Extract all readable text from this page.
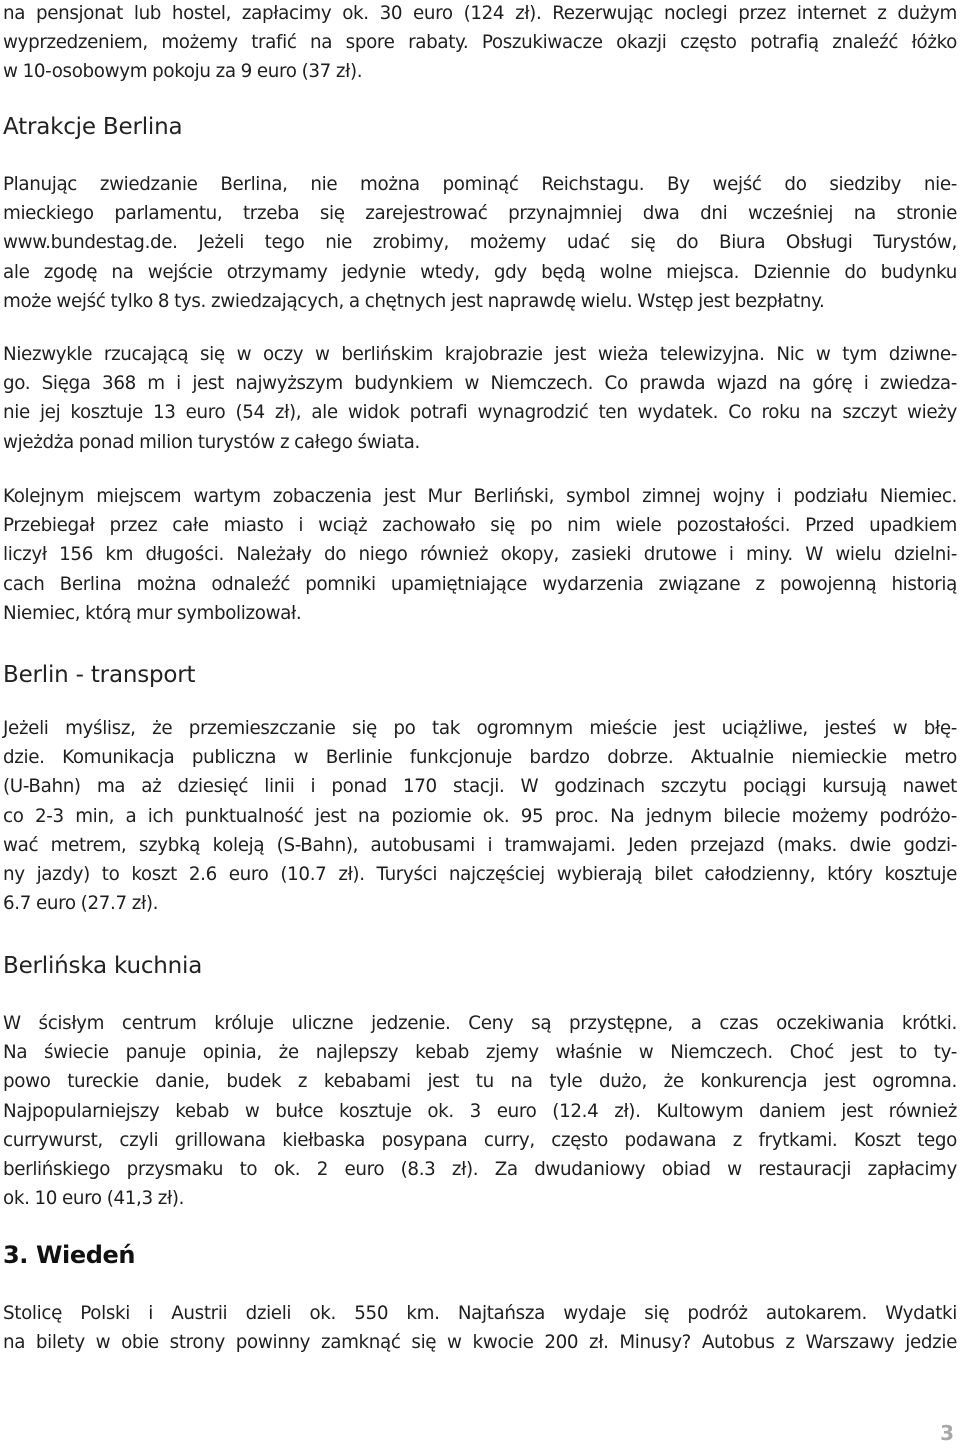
na pensjonat lub hostel, zapłacimy ok. 30 euro (124 zł). Rezerwując noclegi przez internet z dużym
wyprzedzeniem, możemy trafić na spore rabaty. Poszukiwacze okazji często potrafią znaleźć łóżko
w 10-osobowym pokoju za 9 euro (37 zł).

Atrakcje Berlina

Planując zwiedzanie Berlina, nie można pominąć Reichstagu. By wejść do siedziby nie-
mieckiego parlamentu, trzeba się zarejestrować przynajmniej dwa dni wcześniej na stronie
www.bundestag.de. Jeżeli tego nie zrobimy, możemy udać się do Biura Obsługi Turystów,
ale zgodę na wejście otrzymamy jedynie wtedy, gdy będą wolne miejsca. Dziennie do budynku
może wejść tylko 8 tys. zwiedzających, a chętnych jest naprawdę wielu. Wstęp jest bezpłatny.

Niezwykle rzucającą się w oczy w berlińskim krajobrazie jest wieża telewizyjna. Nic w tym dziwne-
go. Sięga 368 m i jest najwyższym budynkiem w Niemczech. Co prawda wjazd na górę i zwiedza-
nie jej kosztuje 13 euro (54 zł), ale widok potrafi wynagrodzić ten wydatek. Co roku na szczyt wieży
wjeżdża ponad milion turystów z całego świata.

Kolejnym miejscem wartym zobaczenia jest Mur Berliński, symbol zimnej wojny i podziału Niemiec.
Przebiegał przez całe miasto i wciąż zachowało się po nim wiele pozostałości. Przed upadkiem
liczył 156 km długości. Należały do niego również okopy, zasieki drutowe i miny. W wielu dzielni-
cach Berlina można odnaleźć pomniki upamiętniające wydarzenia związane z powojenną historią
Niemiec, którą mur symbolizował.

Berlin - transport

Jeżeli myślisz, że przemieszczanie się po tak ogromnym mieście jest uciążliwe, jesteś w błę-
dzie. Komunikacja publiczna w Berlinie funkcjonuje bardzo dobrze. Aktualnie niemieckie metro
(U-Bahn) ma aż dziesięć linii i ponad 170 stacji. W godzinach szczytu pociągi kursują nawet
co 2-3 min, a ich punktualność jest na poziomie ok. 95 proc. Na jednym bilecie możemy podróżo-
wać metrem, szybką koleją (S-Bahn), autobusami i tramwajami. Jeden przejazd (maks. dwie godzi-
ny jazdy) to koszt 2.6 euro (10.7 zł). Turyści najczęściej wybierają bilet całodzienny, który kosztuje
6.7 euro (27.7 zł).

Berlińska kuchnia

W ścisłym centrum króluje uliczne jedzenie. Ceny są przystępne, a czas oczekiwania krótki.
Na świecie panuje opinia, że najlepszy kebab zjemy właśnie w Niemczech. Choć jest to ty-
powo tureckie danie, budek z kebabami jest tu na tyle dużo, że konkurencja jest ogromna.
Najpopularniejszy kebab w bułce kosztuje ok. 3 euro (12.4 zł). Kultowym daniem jest również
currywurst, czyli grillowana kiełbaska posypana curry, często podawana z frytkami. Koszt tego
berlińskiego przysmaku to ok. 2 euro (8.3 zł). Za dwudaniowy obiad w restauracji zapłacimy
ok. 10 euro (41,3 zł).

3. Wiedeń

Stolicę Polski i Austrii dzieli ok. 550 km. Najtańsza wydaje się podróż autokarem. Wydatki
na bilety w obie strony powinny zamknąć się w kwocie 200 zł. Minusy? Autobus z Warszawy jedzie

3
